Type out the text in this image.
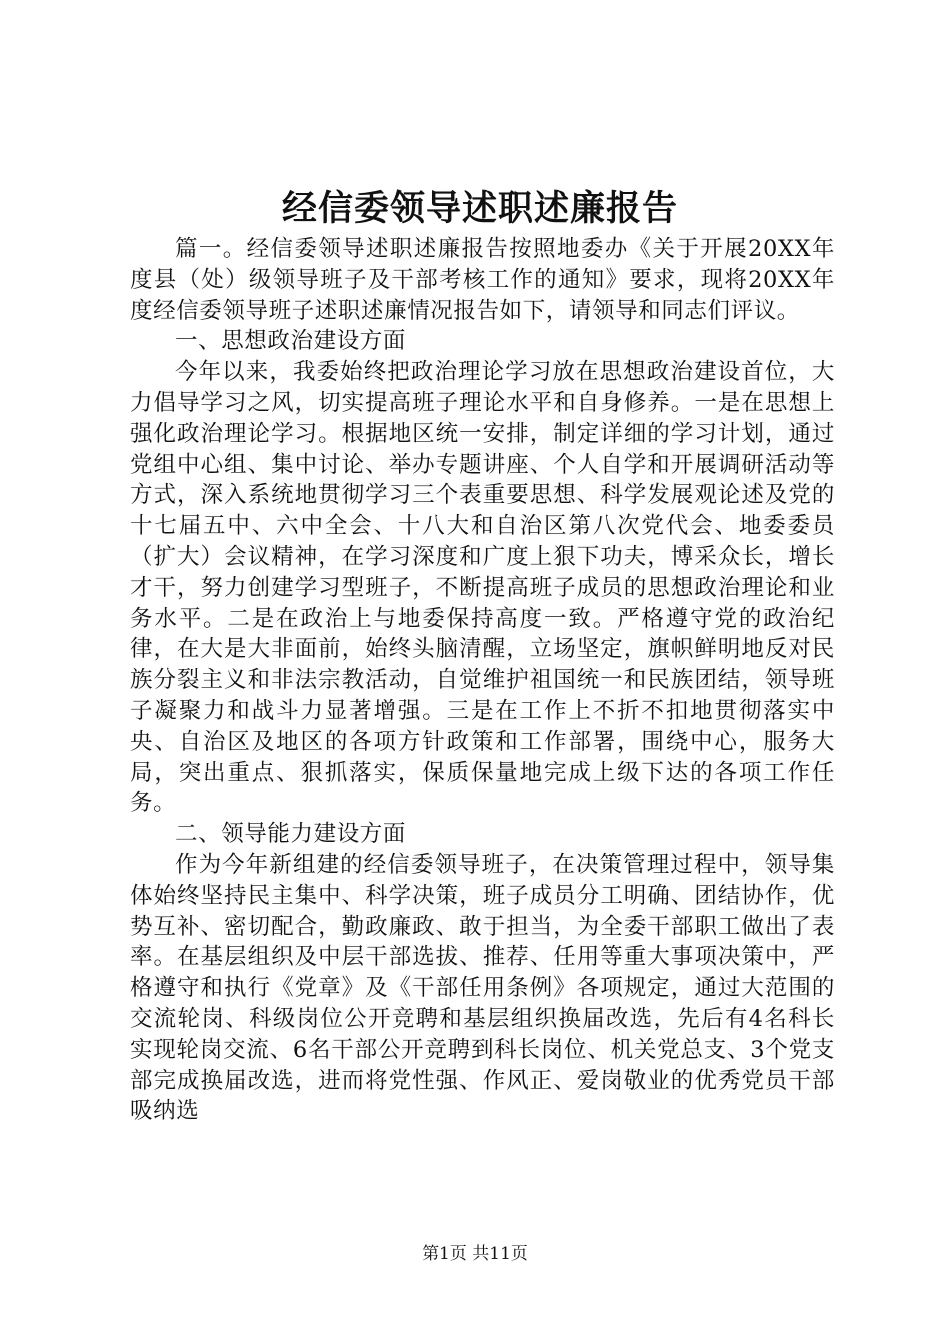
经信委领导述职述廉报告

篇一。经信委领导述职述廉报告按照地委办《关于开展20XX年度县（处）级领导班子及干部考核工作的通知》要求，现将20XX年度经信委领导班子述职述廉情况报告如下，请领导和同志们评议。

一、思想政治建设方面

今年以来，我委始终把政治理论学习放在思想政治建设首位，大力倡导学习之风，切实提高班子理论水平和自身修养。一是在思想上强化政治理论学习。根据地区统一安排，制定详细的学习计划，通过党组中心组、集中讨论、举办专题讲座、个人自学和开展调研活动等方式，深入系统地贯彻学习三个表重要思想、科学发展观论述及党的十七届五中、六中全会、十八大和自治区第八次党代会、地委委员（扩大）会议精神，在学习深度和广度上狠下功夫，博采众长，增长才干，努力创建学习型班子，不断提高班子成员的思想政治理论和业务水平。二是在政治上与地委保持高度一致。严格遵守党的政治纪律，在大是大非面前，始终头脑清醒，立场坚定，旗帜鲜明地反对民族分裂主义和非法宗教活动，自觉维护祖国统一和民族团结，领导班子凝聚力和战斗力显著增强。三是在工作上不折不扣地贯彻落实中央、自治区及地区的各项方针政策和工作部署，围绕中心，服务大局，突出重点、狠抓落实，保质保量地完成上级下达的各项工作任务。

二、领导能力建设方面

作为今年新组建的经信委领导班子，在决策管理过程中，领导集体始终坚持民主集中、科学决策，班子成员分工明确、团结协作，优势互补、密切配合，勤政廉政、敢于担当，为全委干部职工做出了表率。在基层组织及中层干部选拔、推荐、任用等重大事项决策中，严格遵守和执行《党章》及《干部任用条例》各项规定，通过大范围的交流轮岗、科级岗位公开竞聘和基层组织换届改选，先后有4名科长实现轮岗交流、6名干部公开竞聘到科长岗位、机关党总支、3个党支部完成换届改选，进而将党性强、作风正、爱岗敬业的优秀党员干部吸纳选

第1页 共11页
